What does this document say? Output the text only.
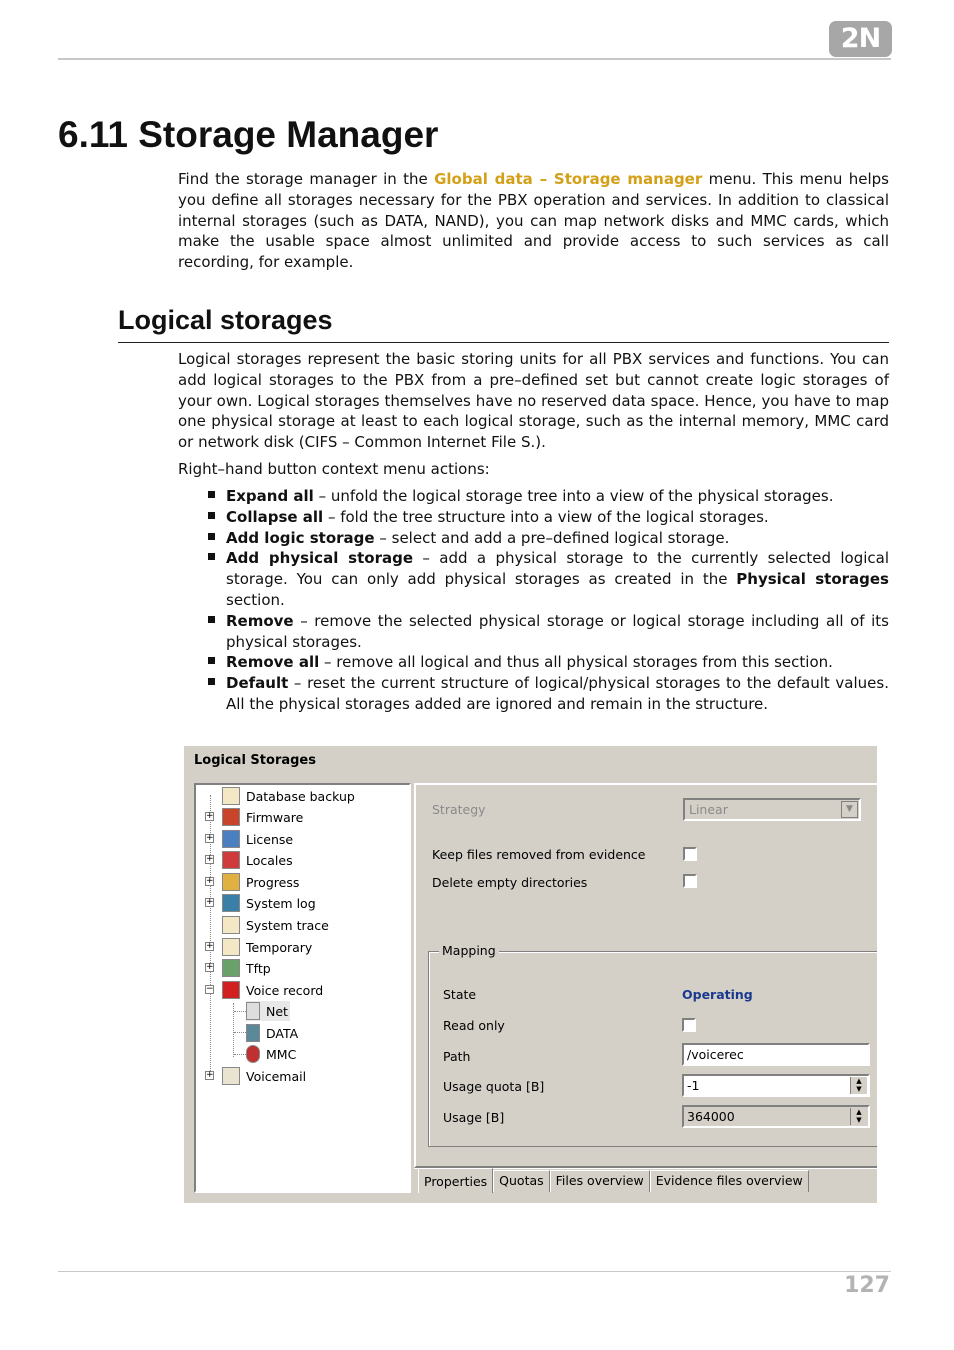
2N
6.11 Storage Manager

Find the storage manager in the Global data – Storage manager menu. This menu helps you define all storages necessary for the PBX operation and services. In addition to classical internal storages (such as DATA, NAND), you can map network disks and MMC cards, which make the usable space almost unlimited and provide access to such services as call recording, for example.

Logical storages

Logical storages represent the basic storing units for all PBX services and functions. You can add logical storages to the PBX from a pre–defined set but cannot create logic storages of your own. Logical storages themselves have no reserved data space. Hence, you have to map one physical storage at least to each logical storage, such as the internal memory, MMC card or network disk (CIFS – Common Internet File S.).

Right–hand button context menu actions:

Expand all – unfold the logical storage tree into a view of the physical storages.
Collapse all – fold the tree structure into a view of the logical storages.
Add logic storage – select and add a pre–defined logical storage.
Add physical storage – add a physical storage to the currently selected logical storage. You can only add physical storages as created in the Physical storages section.
Remove – remove the selected physical storage or logical storage including all of its physical storages.
Remove all – remove all logical and thus all physical storages from this section.
Default – reset the current structure of logical/physical storages to the default values. All the physical storages added are ignored and remain in the structure.
Logical Storages
Database backup
+	Firmware
+	License
+	Locales
+	Progress
+	System log
System trace
+	Temporary
+	Tftp
−	Voice record
Net
DATA
MMC
+	Voicemail
Strategy	Linear	▼
Keep files removed from evidence
Delete empty directories
Mapping
State	Operating
Read only
Path	/voicerec
Usage quota [B]	-1	▲
▼
Usage [B]	364000	▲
▼
Properties Quotas Files overview Evidence files overview
127
